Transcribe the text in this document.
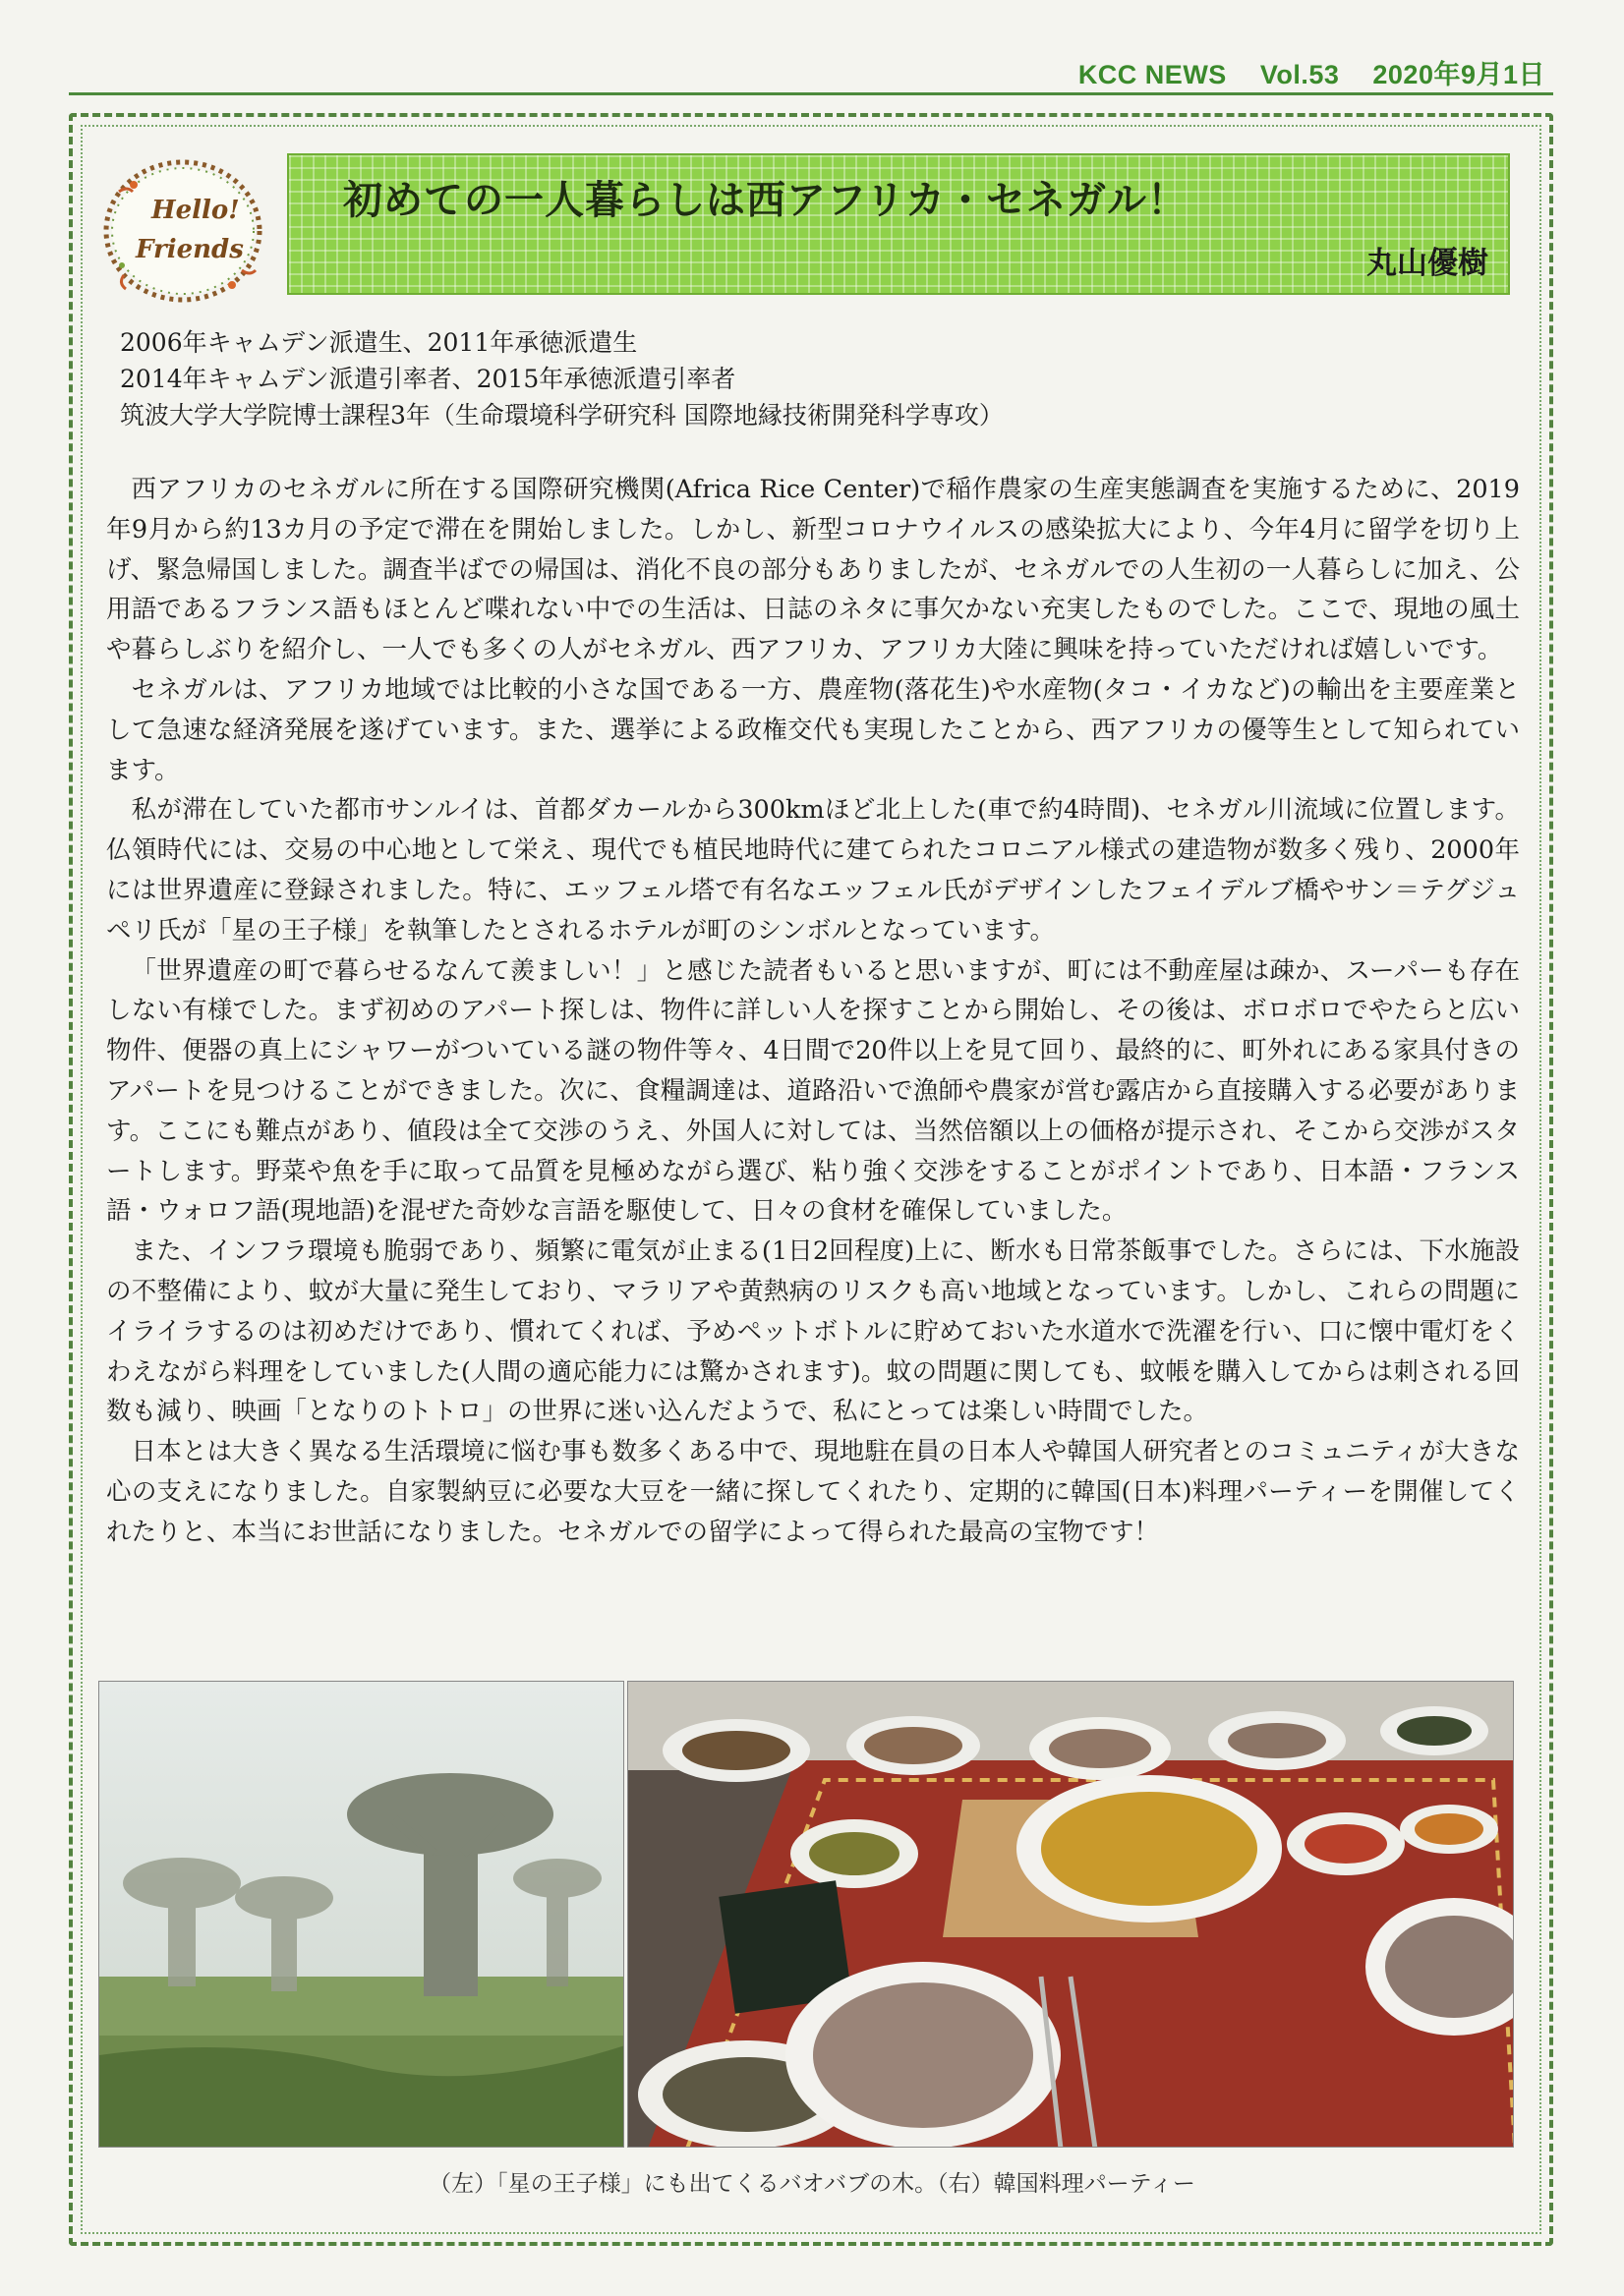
KCC NEWS Vol.53 2020年9月1日
Hello!
Friends
初めての一人暮らしは西アフリカ・セネガル！
丸山優樹
2006年キャムデン派遣生、2011年承徳派遣生
2014年キャムデン派遣引率者、2015年承徳派遣引率者
筑波大学大学院博士課程3年（生命環境科学研究科 国際地縁技術開発科学専攻）

西アフリカのセネガルに所在する国際研究機関(Africa Rice Center)で稲作農家の生産実態調査を実施するために、2019年9月から約13カ月の予定で滞在を開始しました。しかし、新型コロナウイルスの感染拡大により、今年4月に留学を切り上げ、緊急帰国しました。調査半ばでの帰国は、消化不良の部分もありましたが、セネガルでの人生初の一人暮らしに加え、公用語であるフランス語もほとんど喋れない中での生活は、日誌のネタに事欠かない充実したものでした。ここで、現地の風土や暮らしぶりを紹介し、一人でも多くの人がセネガル、西アフリカ、アフリカ大陸に興味を持っていただければ嬉しいです。

セネガルは、アフリカ地域では比較的小さな国である一方、農産物(落花生)や水産物(タコ・イカなど)の輸出を主要産業として急速な経済発展を遂げています。また、選挙による政権交代も実現したことから、西アフリカの優等生として知られています。

私が滞在していた都市サンルイは、首都ダカールから300kmほど北上した(車で約4時間)、セネガル川流域に位置します。仏領時代には、交易の中心地として栄え、現代でも植民地時代に建てられたコロニアル様式の建造物が数多く残り、2000年には世界遺産に登録されました。特に、エッフェル塔で有名なエッフェル氏がデザインしたフェイデルブ橋やサン＝テグジュペリ氏が「星の王子様」を執筆したとされるホテルが町のシンボルとなっています。

「世界遺産の町で暮らせるなんて羨ましい！」と感じた読者もいると思いますが、町には不動産屋は疎か、スーパーも存在しない有様でした。まず初めのアパート探しは、物件に詳しい人を探すことから開始し、その後は、ボロボロでやたらと広い物件、便器の真上にシャワーがついている謎の物件等々、4日間で20件以上を見て回り、最終的に、町外れにある家具付きのアパートを見つけることができました。次に、食糧調達は、道路沿いで漁師や農家が営む露店から直接購入する必要があります。ここにも難点があり、値段は全て交渉のうえ、外国人に対しては、当然倍額以上の価格が提示され、そこから交渉がスタートします。野菜や魚を手に取って品質を見極めながら選び、粘り強く交渉をすることがポイントであり、日本語・フランス語・ウォロフ語(現地語)を混ぜた奇妙な言語を駆使して、日々の食材を確保していました。

また、インフラ環境も脆弱であり、頻繁に電気が止まる(1日2回程度)上に、断水も日常茶飯事でした。さらには、下水施設の不整備により、蚊が大量に発生しており、マラリアや黄熱病のリスクも高い地域となっています。しかし、これらの問題にイライラするのは初めだけであり、慣れてくれば、予めペットボトルに貯めておいた水道水で洗濯を行い、口に懐中電灯をくわえながら料理をしていました(人間の適応能力には驚かされます)。蚊の問題に関しても、蚊帳を購入してからは刺される回数も減り、映画「となりのトトロ」の世界に迷い込んだようで、私にとっては楽しい時間でした。

日本とは大きく異なる生活環境に悩む事も数多くある中で、現地駐在員の日本人や韓国人研究者とのコミュニティが大きな心の支えになりました。自家製納豆に必要な大豆を一緒に探してくれたり、定期的に韓国(日本)料理パーティーを開催してくれたりと、本当にお世話になりました。セネガルでの留学によって得られた最高の宝物です！

（左）「星の王子様」にも出てくるバオバブの木。（右）韓国料理パーティー
